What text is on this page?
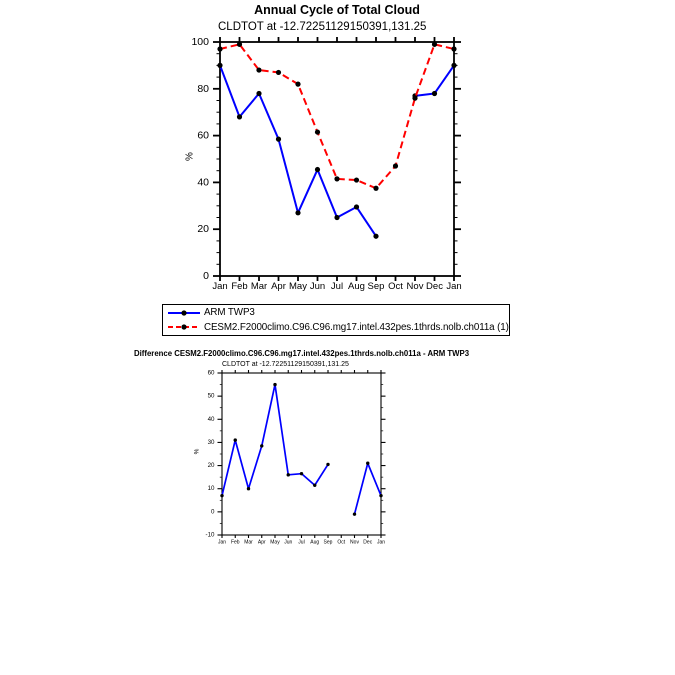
Jan Feb Mar Apr May Jun Jul Aug Sep Oct Nov Dec Jan
0
20
40
60
80
100
Jan Feb Mar Apr May Jun Jul Aug Sep Oct Nov Dec Jan
-10
0
10
20
30
40
50
60
Annual Cycle of Total Cloud
CLDTOT at -12.72251129150391,131.25
%
ARM TWP3
CESM2.F2000climo.C96.C96.mg17.intel.432pes.1thrds.nolb.ch011a (1)
Difference CESM2.F2000climo.C96.C96.mg17.intel.432pes.1thrds.nolb.ch011a - ARM TWP3
CLDTOT at -12.72251129150391,131.25
%
